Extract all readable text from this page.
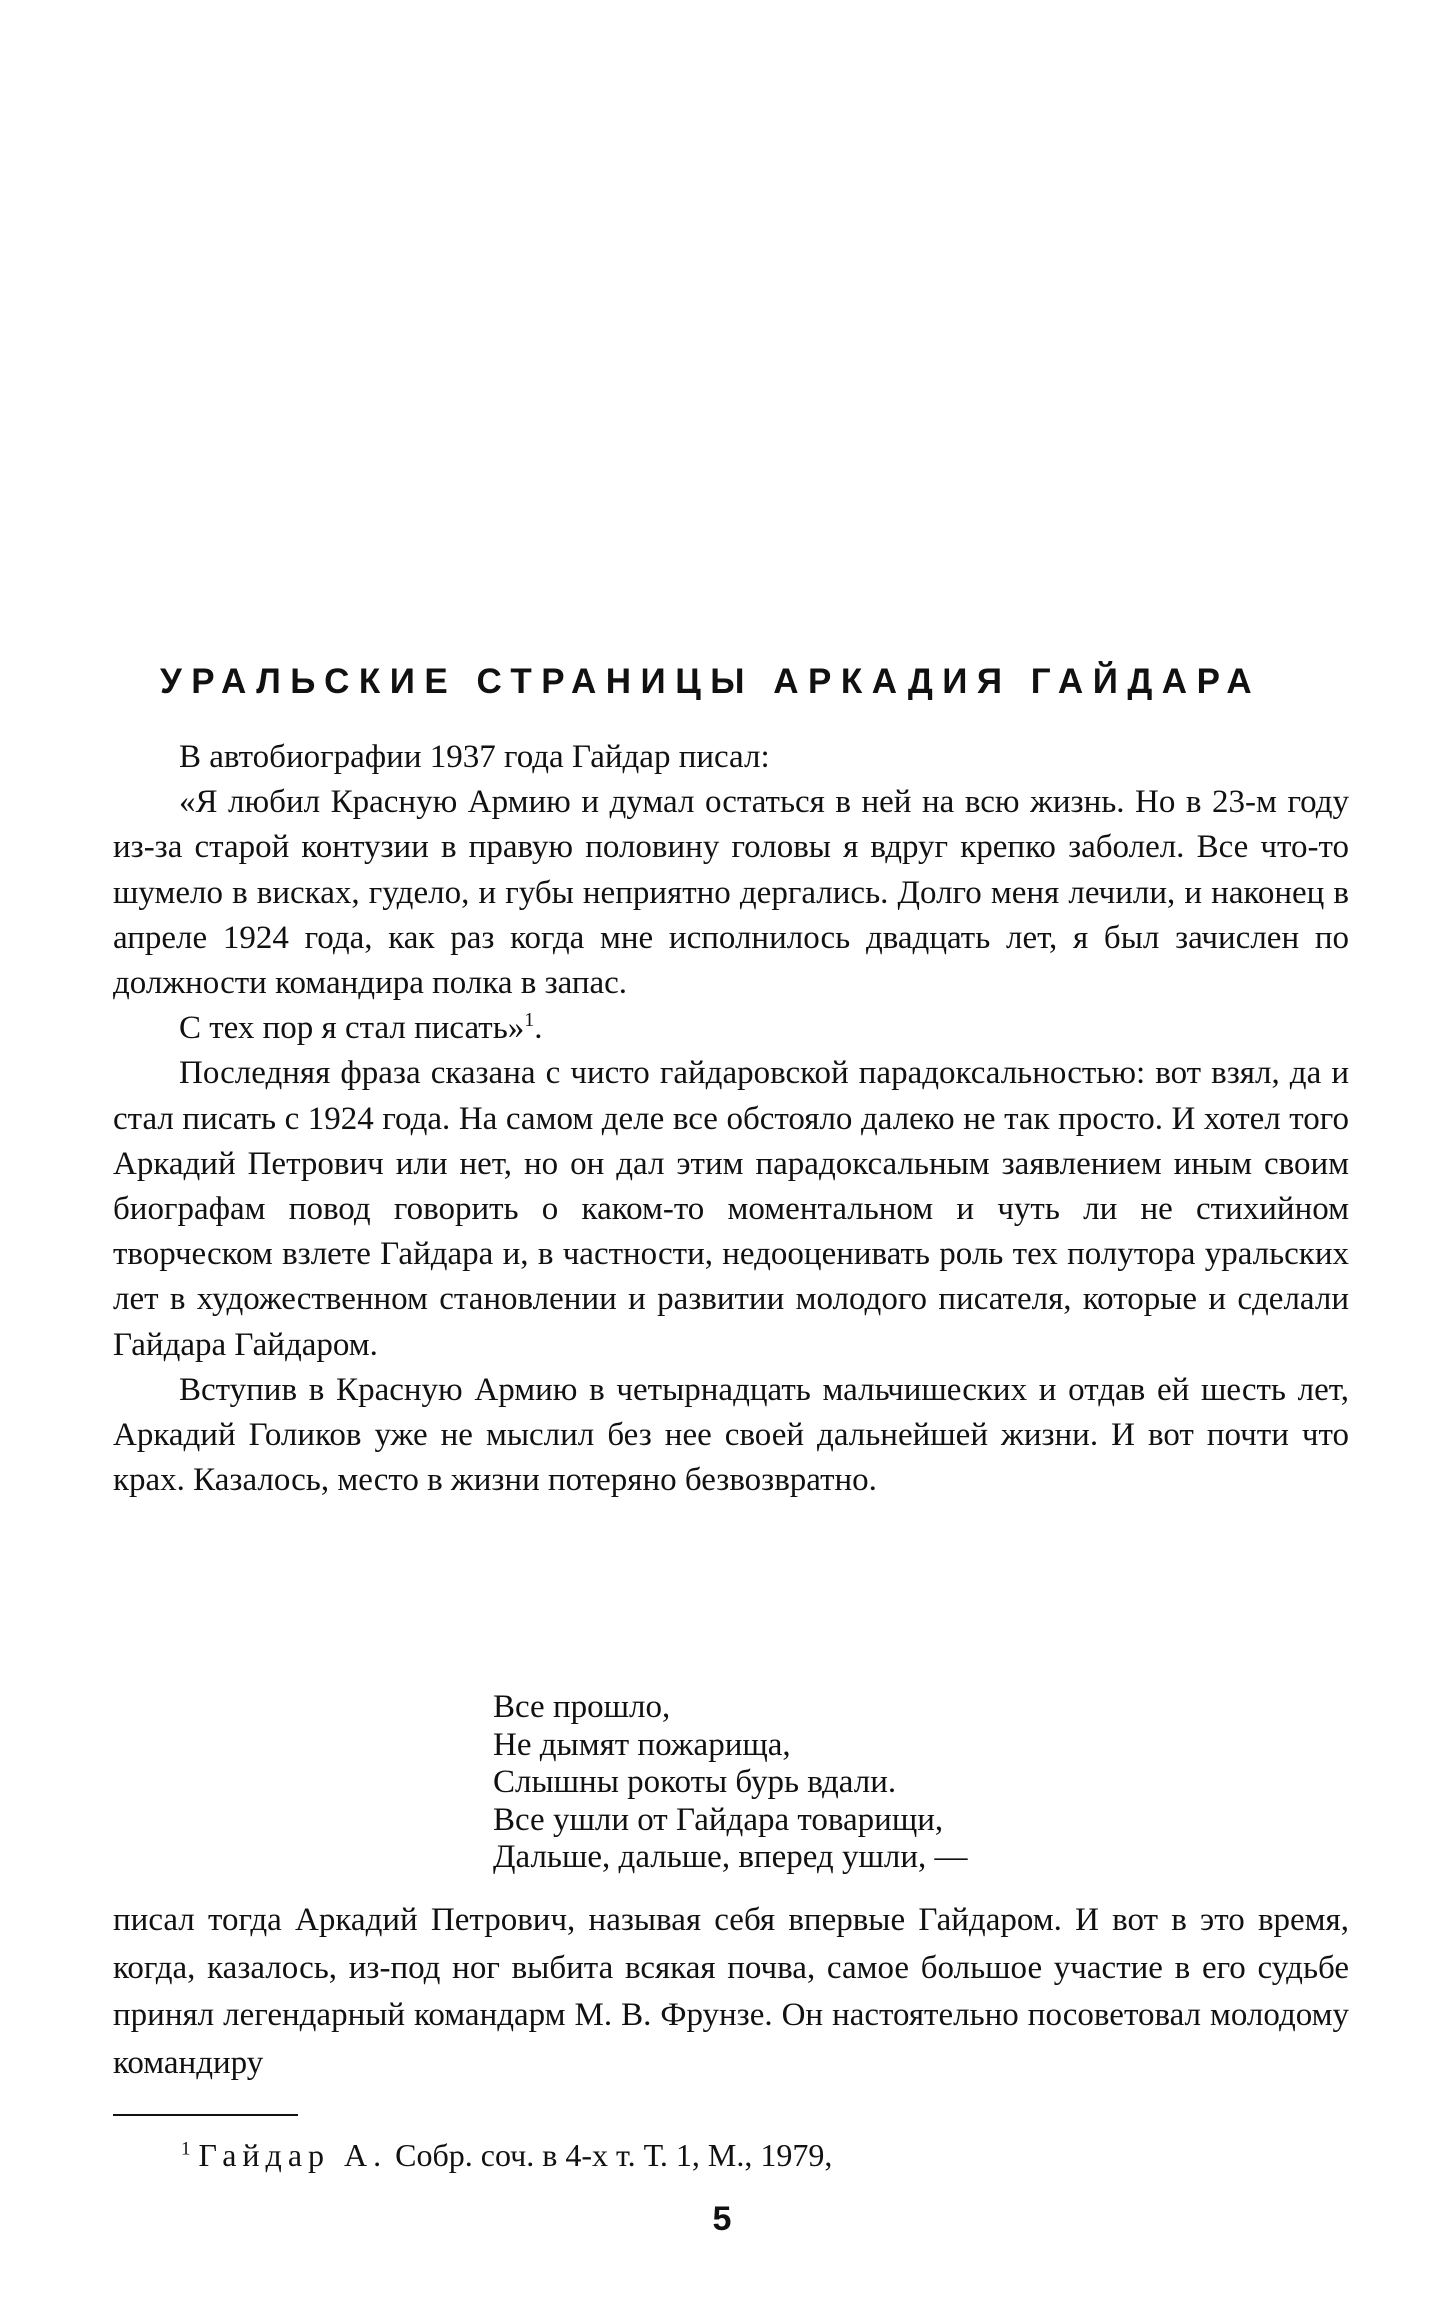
УРАЛЬСКИЕ СТРАНИЦЫ АРКАДИЯ ГАЙДАРА

В автобиографии 1937 года Гайдар писал:

«Я любил Красную Армию и думал остаться в ней на всю жизнь. Но в 23-м году из-за старой контузии в правую половину головы я вдруг крепко заболел. Все что-то шумело в висках, гудело, и губы неприятно дергались. Долго меня лечили, и наконец в апреле 1924 года, как раз когда мне исполнилось двадцать лет, я был зачислен по должности командира полка в запас.

С тех пор я стал писать»$^1$.

Последняя фраза сказана с чисто гайдаровской парадоксальностью: вот взял, да и стал писать с 1924 года. На самом деле все обстояло далеко не так просто. И хотел того Аркадий Петрович или нет, но он дал этим парадоксальным заявлением иным своим биографам повод говорить о каком-то моментальном и чуть ли не стихийном творческом взлете Гайдара и, в частности, недооценивать роль тех полутора уральских лет в художественном становлении и развитии молодого писателя, которые и сделали Гайдара Гайдаром.

Вступив в Красную Армию в четырнадцать мальчишеских и отдав ей шесть лет, Аркадий Голиков уже не мыслил без нее своей дальнейшей жизни. И вот почти что крах. Казалось, место в жизни потеряно безвозвратно.

Все прошло,
Не дымят пожарища,
Слышны рокоты бурь вдали.
Все ушли от Гайдара товарищи,
Дальше, дальше, вперед ушли, —

писал тогда Аркадий Петрович, называя себя впервые Гайдаром. И вот в это время, когда, казалось, из-под ног выбита всякая почва, самое большое участие в его судьбе принял легендарный командарм М. В. Фрунзе. Он настоятельно посоветовал молодому командиру

$^1$ Гайдар А. Собр. соч. в 4-х т. Т. 1, М., 1979,
5
